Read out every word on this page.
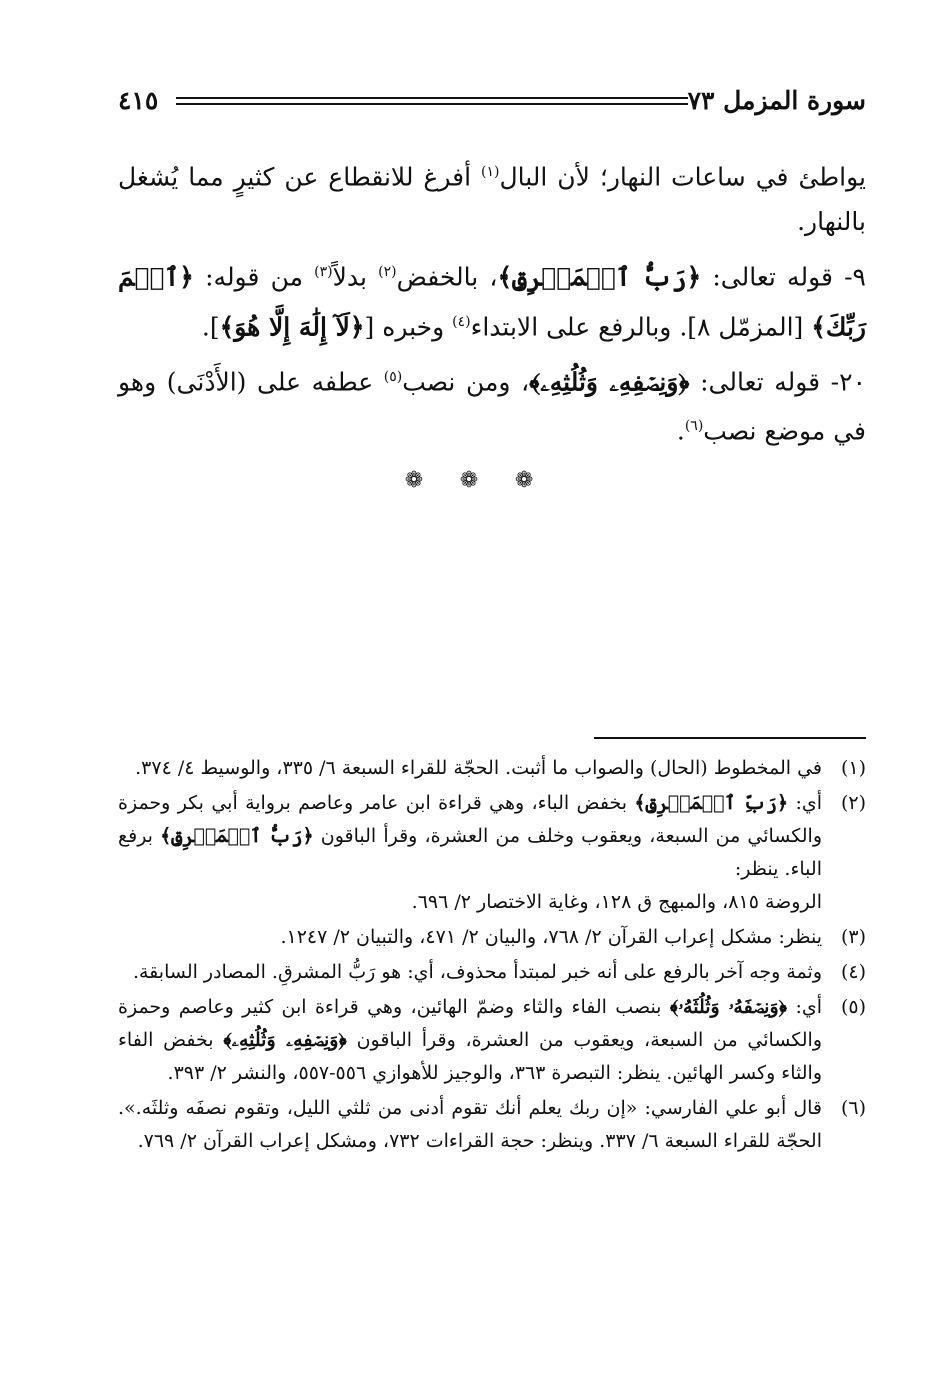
سورة المزمل ٧٣
٤١٥

يواطئ في ساعات النهار؛ لأن البال$^{(١)}$ أفرغ للانقطاع عن كثيرٍ مما يُشغل بالنهار.

٩- قوله تعالى: ﴿رَبُّ ٱلۡمَشۡرِقِ﴾، بالخفض$^{(٢)}$ بدلاً$^{(٣)}$ من قوله: ﴿ٱسۡمَ رَبِّكَ﴾ [المزمّل ٨]. وبالرفع على الابتداء$^{(٤)}$ وخبره [﴿لَآ إِلَٰهَ إِلَّا هُوَ﴾].

٢٠- قوله تعالى: ﴿وَنِصۡفِهِۦ وَثُلُثِهِۦ﴾، ومن نصب$^{(٥)}$ عطفه على (الأَدْنَى) وهو في موضع نصب$^{(٦)}$.

❁ ❁ ❁
(١)
في المخطوط (الحال) والصواب ما أثبت. الحجّة للقراء السبعة ٦/ ٣٣٥، والوسيط ٤/ ٣٧٤.
(٢)
أي: ﴿رَبِّ ٱلۡمَشۡرِقِ﴾ بخفض الباء، وهي قراءة ابن عامر وعاصم برواية أبي بكر وحمزة والكسائي من السبعة، ويعقوب وخلف من العشرة، وقرأ الباقون ﴿رَبُّ ٱلۡمَشۡرِقِ﴾ برفع الباء. ينظر:
الروضة ٨١٥، والمبهج ق ١٢٨، وغاية الاختصار ٢/ ٦٩٦.
(٣)
ينظر: مشكل إعراب القرآن ٢/ ٧٦٨، والبيان ٢/ ٤٧١، والتبيان ٢/ ١٢٤٧.
(٤)
وثمة وجه آخر بالرفع على أنه خبر لمبتدأ محذوف، أي: هو رَبُّ المشرقِ. المصادر السابقة.
(٥)
أي: ﴿وَنِصۡفَهُۥ وَثُلُثَهُۥ﴾ بنصب الفاء والثاء وضمّ الهائين، وهي قراءة ابن كثير وعاصم وحمزة والكسائي من السبعة، ويعقوب من العشرة، وقرأ الباقون ﴿وَنِصۡفِهِۦ وَثُلُثِهِۦ﴾ بخفض الفاء والثاء وكسر الهائين. ينظر: التبصرة ٣٦٣، والوجيز للأهوازي ٥٥٦-٥٥٧، والنشر ٢/ ٣٩٣.
(٦)
قال أبو علي الفارسي: «إن ربك يعلم أنك تقوم أدنى من ثلثي الليل، وتقوم نصفَه وثلثَه.». الحجّة للقراء السبعة ٦/ ٣٣٧. وينظر: حجة القراءات ٧٣٢، ومشكل إعراب القرآن ٢/ ٧٦٩.
